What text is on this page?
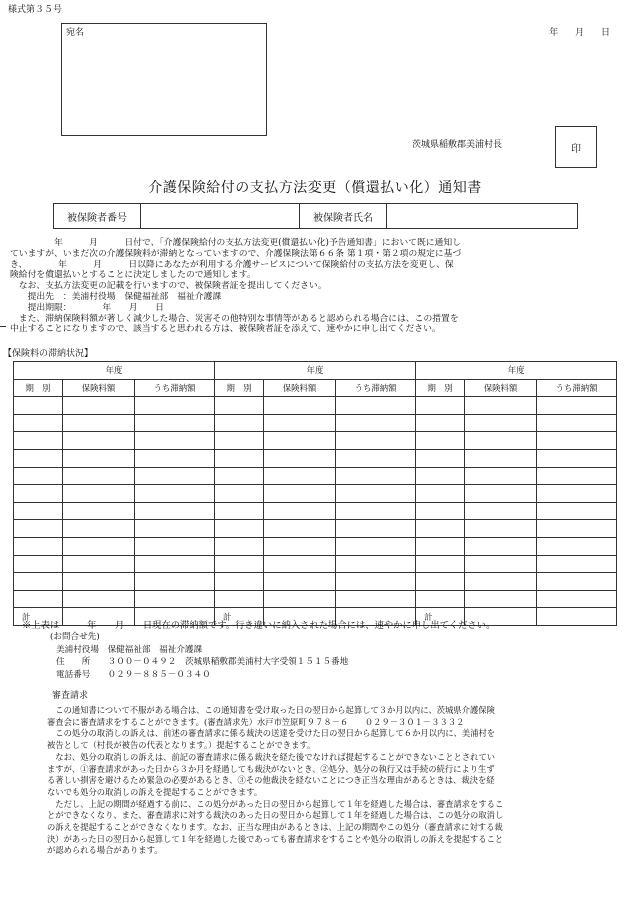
様式第３５号
宛名	年 月 日
茨城県稲敷郡美浦村長	印
介護保険給付の支払方法変更（償還払い化）通知書
被保険者番号	被保険者氏名
　　　　　年　　　月　　　日付で、「介護保険給付の支払方法変更(償還払い化)予告通知書」において既に通知し
ていますが、いまだ次の介護保険料が滞納となっていますので、介護保険法第６６条 第１項・第２項の規定に基づ
き、　　　　年　　　月　　　日以降にあなたが利用する介護サービスについて保険給付の支払方法を変更し、保
険給付を償還払いとすることに決定しましたので通知します。
　なお、支払方法変更の記載を行いますので、被保険者証を提出してください。
　　提出先　：美浦村役場　保健福祉部　福祉介護課
　　提出期限：　　　　年　　月　　日
　また、滞納保険料額が著しく減少した場合、災害その他特別な事情等があると認められる場合には、この措置を
中止することになりますので、該当すると思われる方は、被保険者証を添えて、速やかに申し出てください。
【保険料の滞納状況】
年度			年度			年度		
期　別	保険料額	うち滞納額	期　別	保険料額	うち滞納額	期　別	保険料額	うち滞納額

計			計			計		
※上表は　　　年　　月　　日現在の滞納額です。行き違いに納入された場合には、速やかに申し出てください。
(お問合せ先)
美浦村役場　保健福祉部　福祉介護課
住　　所　　 ３００－０４９２　茨城県稲敷郡美浦村大字受領１５１５番地
電話番号　　 ０２９－８８５－０３４０
審査請求
　この通知書について不服がある場合は、この通知書を受け取った日の翌日から起算して３か月以内に、茨城県介護保険
審査会に審査請求をすることができます。(審査請求先）水戸市笠原町９７８－６　　０２９－３０１－３３３２
　この処分の取消しの訴えは、前述の審査請求に係る裁決の送達を受けた日の翌日から起算して６か月以内に、美浦村を
被告として（村長が被告の代表となります。）提起することができます。
　なお、処分の取消しの訴えは、前記の審査請求に係る裁決を経た後でなければ提起することができないこととされてい
ますが、①審査請求があった日から３か月を経過しても裁決がないとき、②処分、処分の執行又は手続の続行により生ず
る著しい損害を避けるため緊急の必要があるとき、③その他裁決を経ないことにつき正当な理由があるときは、裁決を経
ないでも処分の取消しの訴えを提起することができます。
　ただし、上記の期間が経過する前に、この処分があった日の翌日から起算して１年を経過した場合は、審査請求をするこ
とができなくなり、また、審査請求に対する裁決のあった日の翌日から起算して１年を経過した場合は、この処分の取消し
の訴えを提起することができなくなります。なお、正当な理由があるときは、上記の期間やこの処分（審査請求に対する裁
決）があった日の翌日から起算して１年を経過した後であっても審査請求をすることや処分の取消しの訴えを提起すること
が認められる場合があります。
